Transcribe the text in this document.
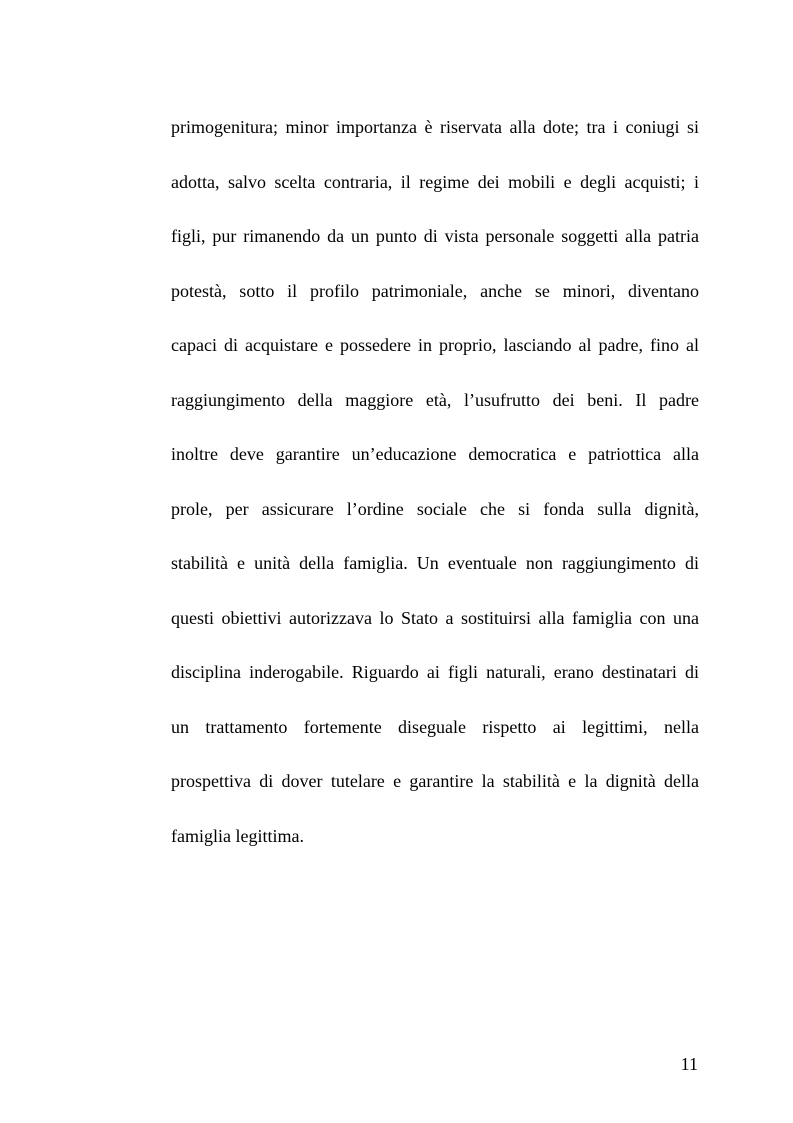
primogenitura; minor importanza è riservata alla dote; tra i coniugi si
adotta, salvo scelta contraria, il regime dei mobili e degli acquisti; i
figli, pur rimanendo da un punto di vista personale soggetti alla patria
potestà, sotto il profilo patrimoniale, anche se minori, diventano
capaci di acquistare e possedere in proprio, lasciando al padre, fino al
raggiungimento della maggiore età, l’usufrutto dei beni. Il padre
inoltre deve garantire un’educazione democratica e patriottica alla
prole, per assicurare l’ordine sociale che si fonda sulla dignità,
stabilità e unità della famiglia. Un eventuale non raggiungimento di
questi obiettivi autorizzava lo Stato a sostituirsi alla famiglia con una
disciplina inderogabile. Riguardo ai figli naturali, erano destinatari di
un trattamento fortemente diseguale rispetto ai legittimi, nella
prospettiva di dover tutelare e garantire la stabilità e la dignità della
famiglia legittima.
11
